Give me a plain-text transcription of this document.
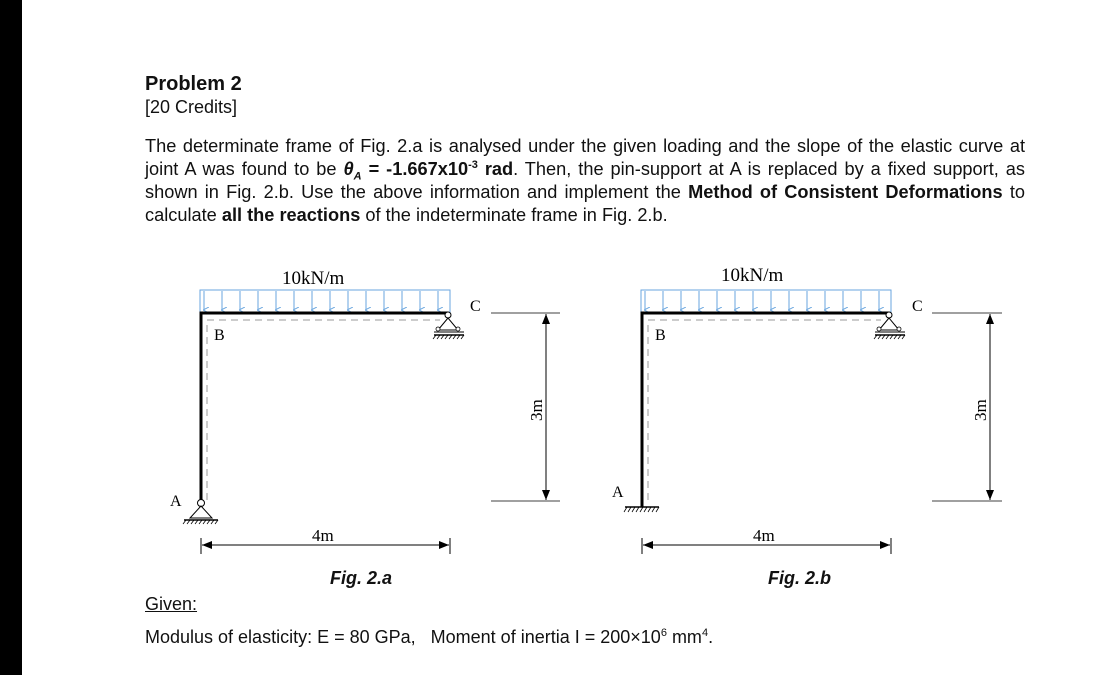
Problem 2
[20 Credits]
The determinate frame of Fig. 2.a is analysed under the given loading and the slope of the elastic curve at joint A was found to be $\theta_A = -1.667x10^{-3}$ rad. Then, the pin-support at A is replaced by a fixed support, as shown in Fig. 2.b. Use the above information and implement the Method of Consistent Deformations to calculate all the reactions of the indeterminate frame in Fig. 2.b.
10kN/m
A
B
C
4m
3m
10kN/m
A
B
C
4m
3m
Fig. 2.a	Fig. 2.b
Given:
Modulus of elasticity: E = 80 GPa, Moment of inertia $I = 200\times 10^6$ $mm^4$.
